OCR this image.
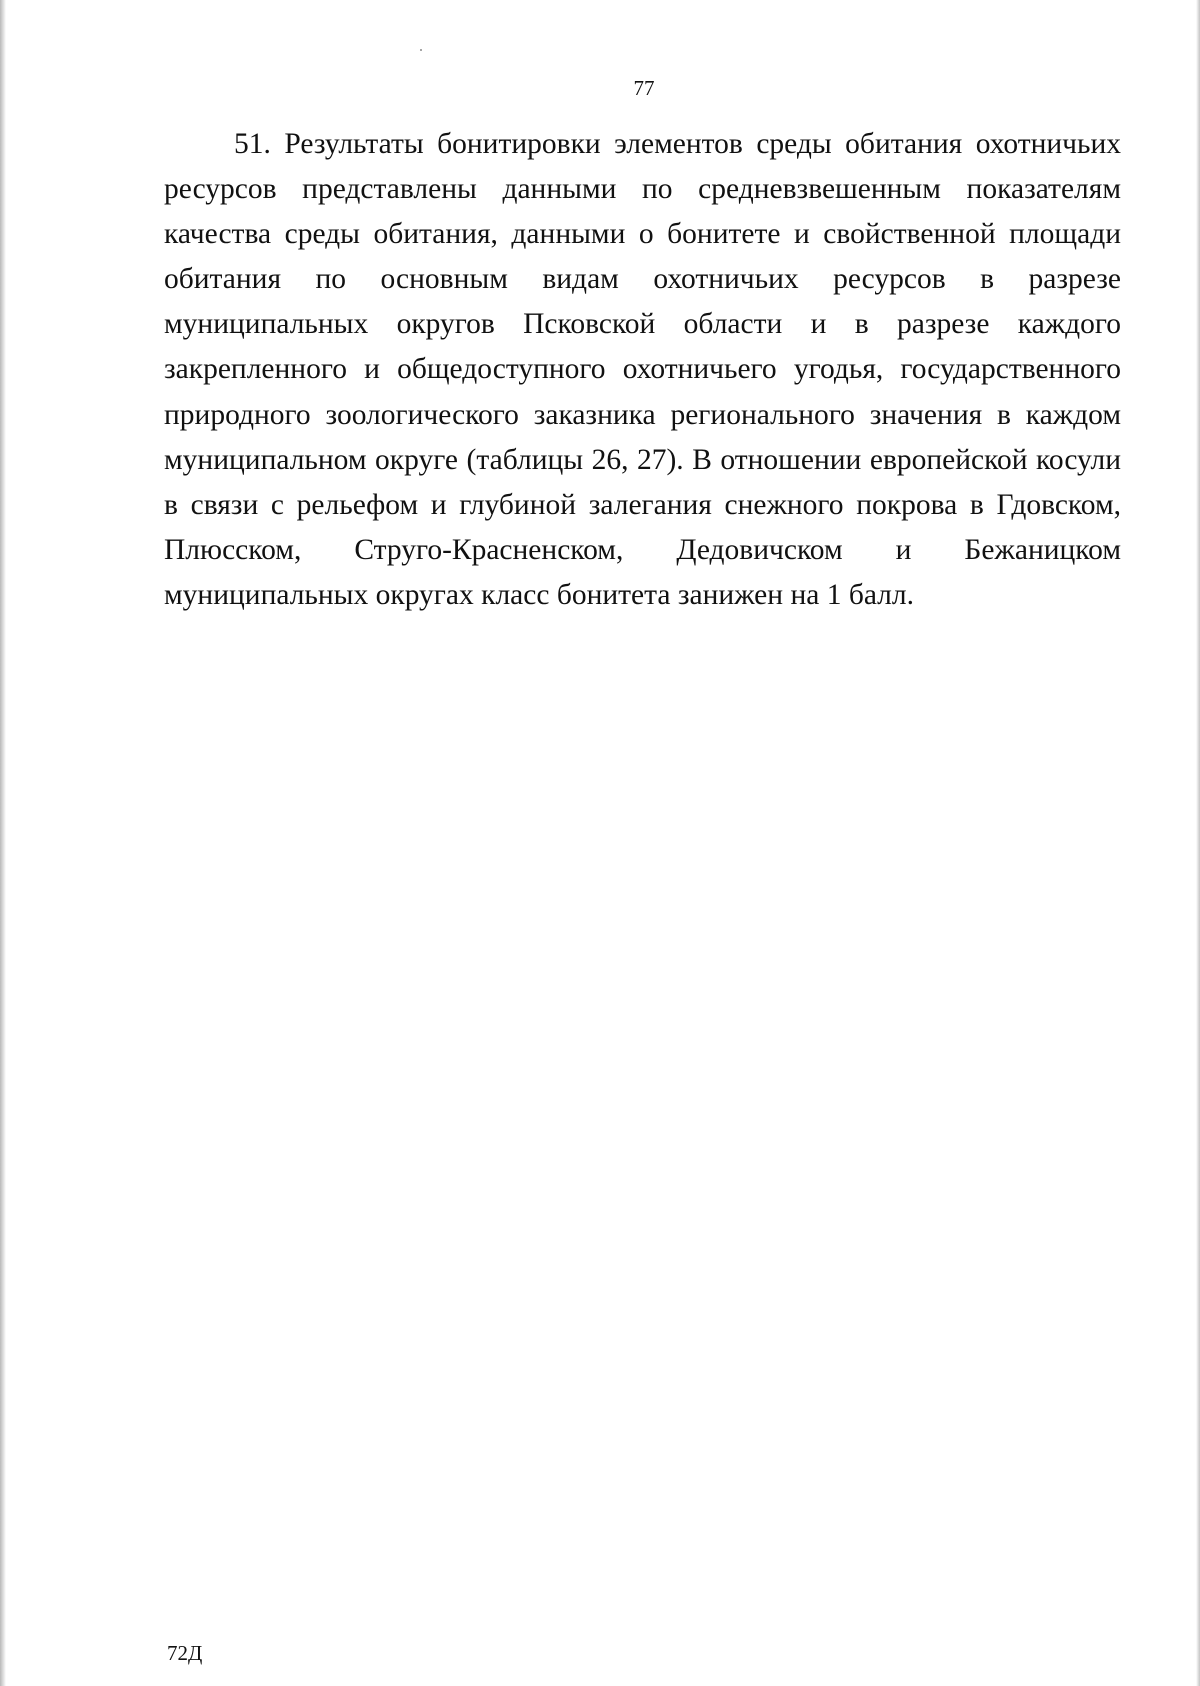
77

51. Результаты бонитировки элементов среды обитания охотничьих ресурсов представлены данными по средневзвешенным показателям качества среды обитания, данными о бонитете и свойственной площади обитания по основным видам охотничьих ресурсов в разрезе муниципальных округов Псковской области и в разрезе каждого закрепленного и общедоступного охотничьего угодья, государственного природного зоологического заказника регионального значения в каждом муниципальном округе (таблицы 26, 27). В отношении европейской косули в связи с рельефом и глубиной залегания снежного покрова в Гдовском, Плюсском, Струго-Красненском, Дедовичском и Бежаницком муниципальных округах класс бонитета занижен на 1 балл.

72Д
